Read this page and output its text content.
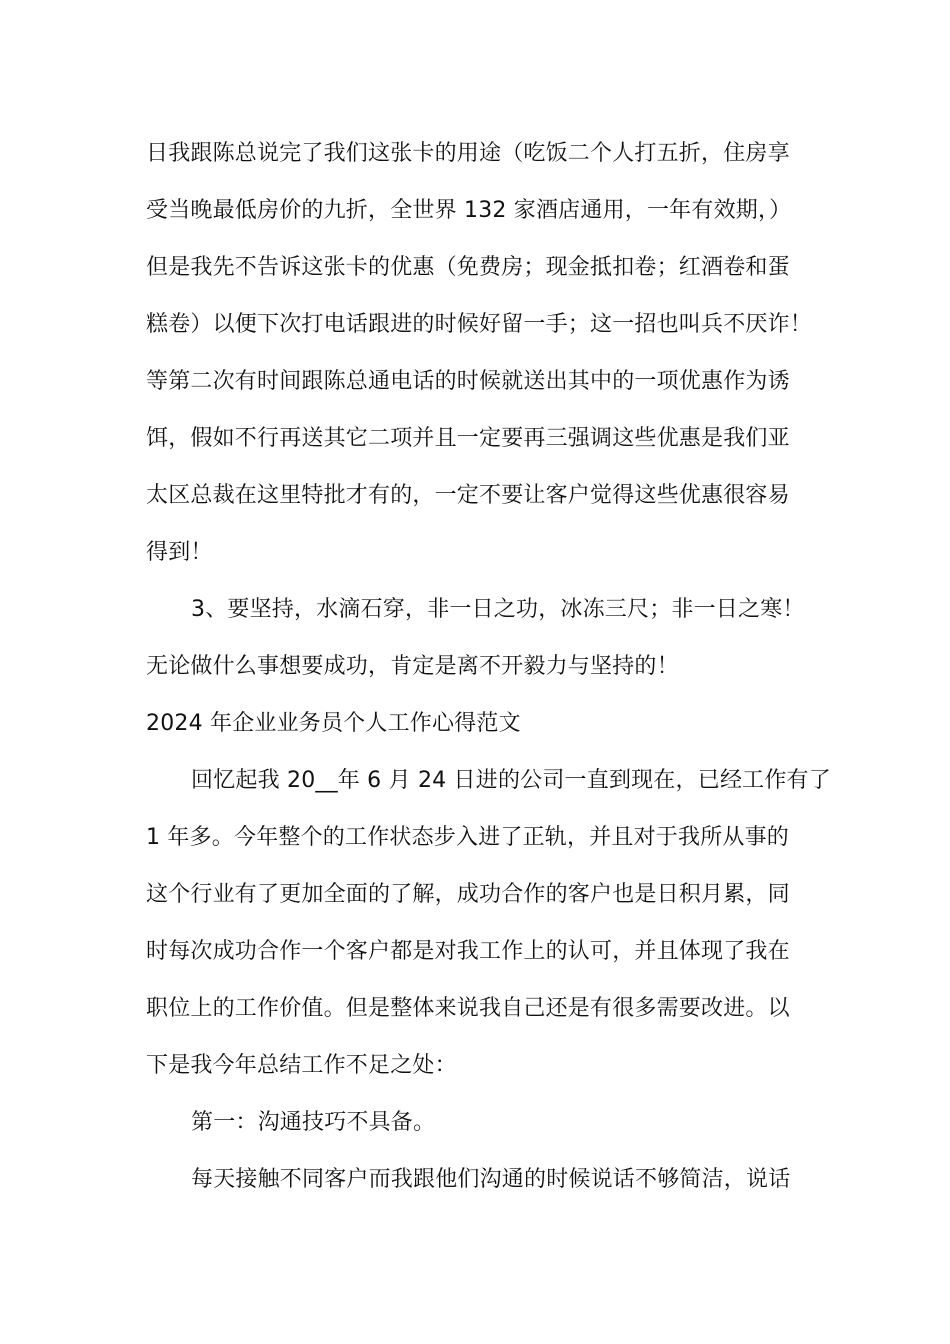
日我跟陈总说完了我们这张卡的用途（吃饭二个人打五折，住房享
受当晚最低房价的九折，全世界 132 家酒店通用，一年有效期，）
但是我先不告诉这张卡的优惠（免费房；现金抵扣卷；红酒卷和蛋
糕卷）以便下次打电话跟进的时候好留一手；这一招也叫兵不厌诈！
等第二次有时间跟陈总通电话的时候就送出其中的一项优惠作为诱
饵，假如不行再送其它二项并且一定要再三强调这些优惠是我们亚
太区总裁在这里特批才有的，一定不要让客户觉得这些优惠很容易
得到！
3、要坚持，水滴石穿，非一日之功，冰冻三尺；非一日之寒！
无论做什么事想要成功，肯定是离不开毅力与坚持的！
2024 年企业业务员个人工作心得范文
回忆起我 20__年 6 月 24 日进的公司一直到现在，已经工作有了
1 年多。今年整个的工作状态步入进了正轨，并且对于我所从事的
这个行业有了更加全面的了解，成功合作的客户也是日积月累，同
时每次成功合作一个客户都是对我工作上的认可，并且体现了我在
职位上的工作价值。但是整体来说我自己还是有很多需要改进。以
下是我今年总结工作不足之处：
第一：沟通技巧不具备。
每天接触不同客户而我跟他们沟通的时候说话不够简洁，说话
